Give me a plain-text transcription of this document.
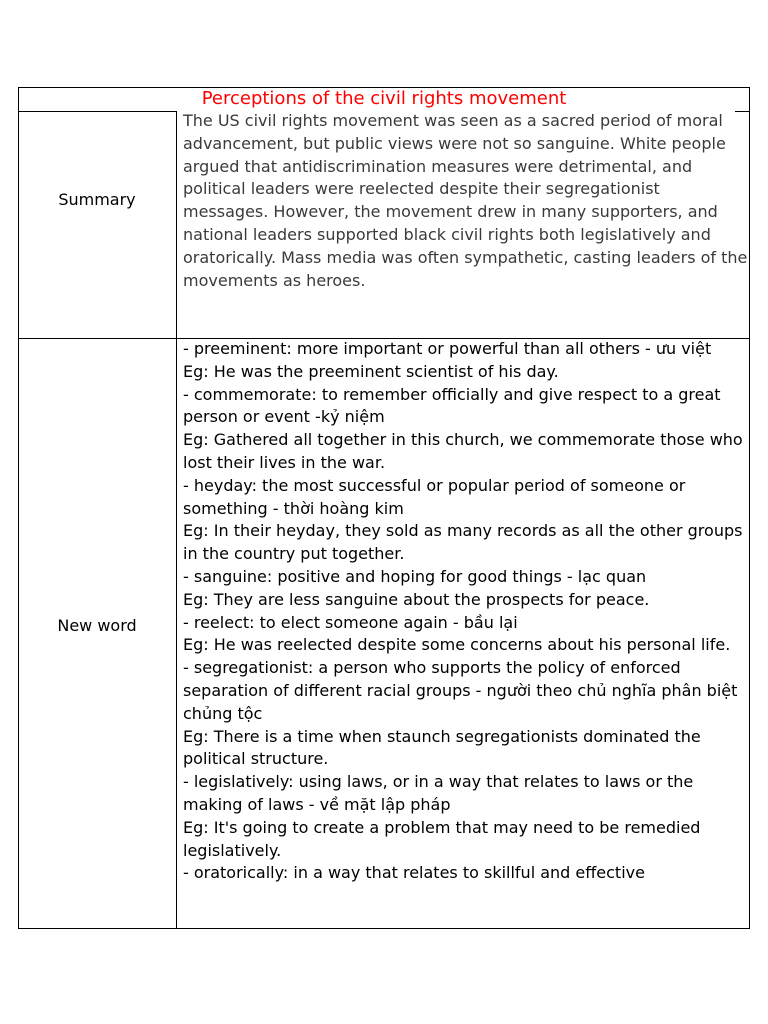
Perceptions of the civil rights movement
Summary
The US civil rights movement was seen as a sacred period of moral advancement, but public views were not so sanguine. White people argued that antidiscrimination measures were detrimental, and political leaders were reelected despite their segregationist messages. However, the movement drew in many supporters, and national leaders supported black civil rights both legislatively and oratorically. Mass media was often sympathetic, casting leaders of the movements as heroes.
New word
- preeminent: more important or powerful than all others - ưu việt
Eg: He was the preeminent scientist of his day.
- commemorate: to remember officially and give respect to a great person or event -kỷ niệm
Eg: Gathered all together in this church, we commemorate those who lost their lives in the war.
- heyday: the most successful or popular period of someone or something - thời hoàng kim
Eg: In their heyday, they sold as many records as all the other groups in the country put together.
- sanguine: positive and hoping for good things - lạc quan
Eg: They are less sanguine about the prospects for peace.
- reelect: to elect someone again - bầu lại
Eg: He was reelected despite some concerns about his personal life.
- segregationist: a person who supports the policy of enforced separation of different racial groups - người theo chủ nghĩa phân biệt chủng tộc
Eg: There is a time when staunch segregationists dominated the political structure.
- legislatively: using laws, or in a way that relates to laws or the making of laws - về mặt lập pháp
Eg: It's going to create a problem that may need to be remedied legislatively.
- oratorically: in a way that relates to skillful and effective
